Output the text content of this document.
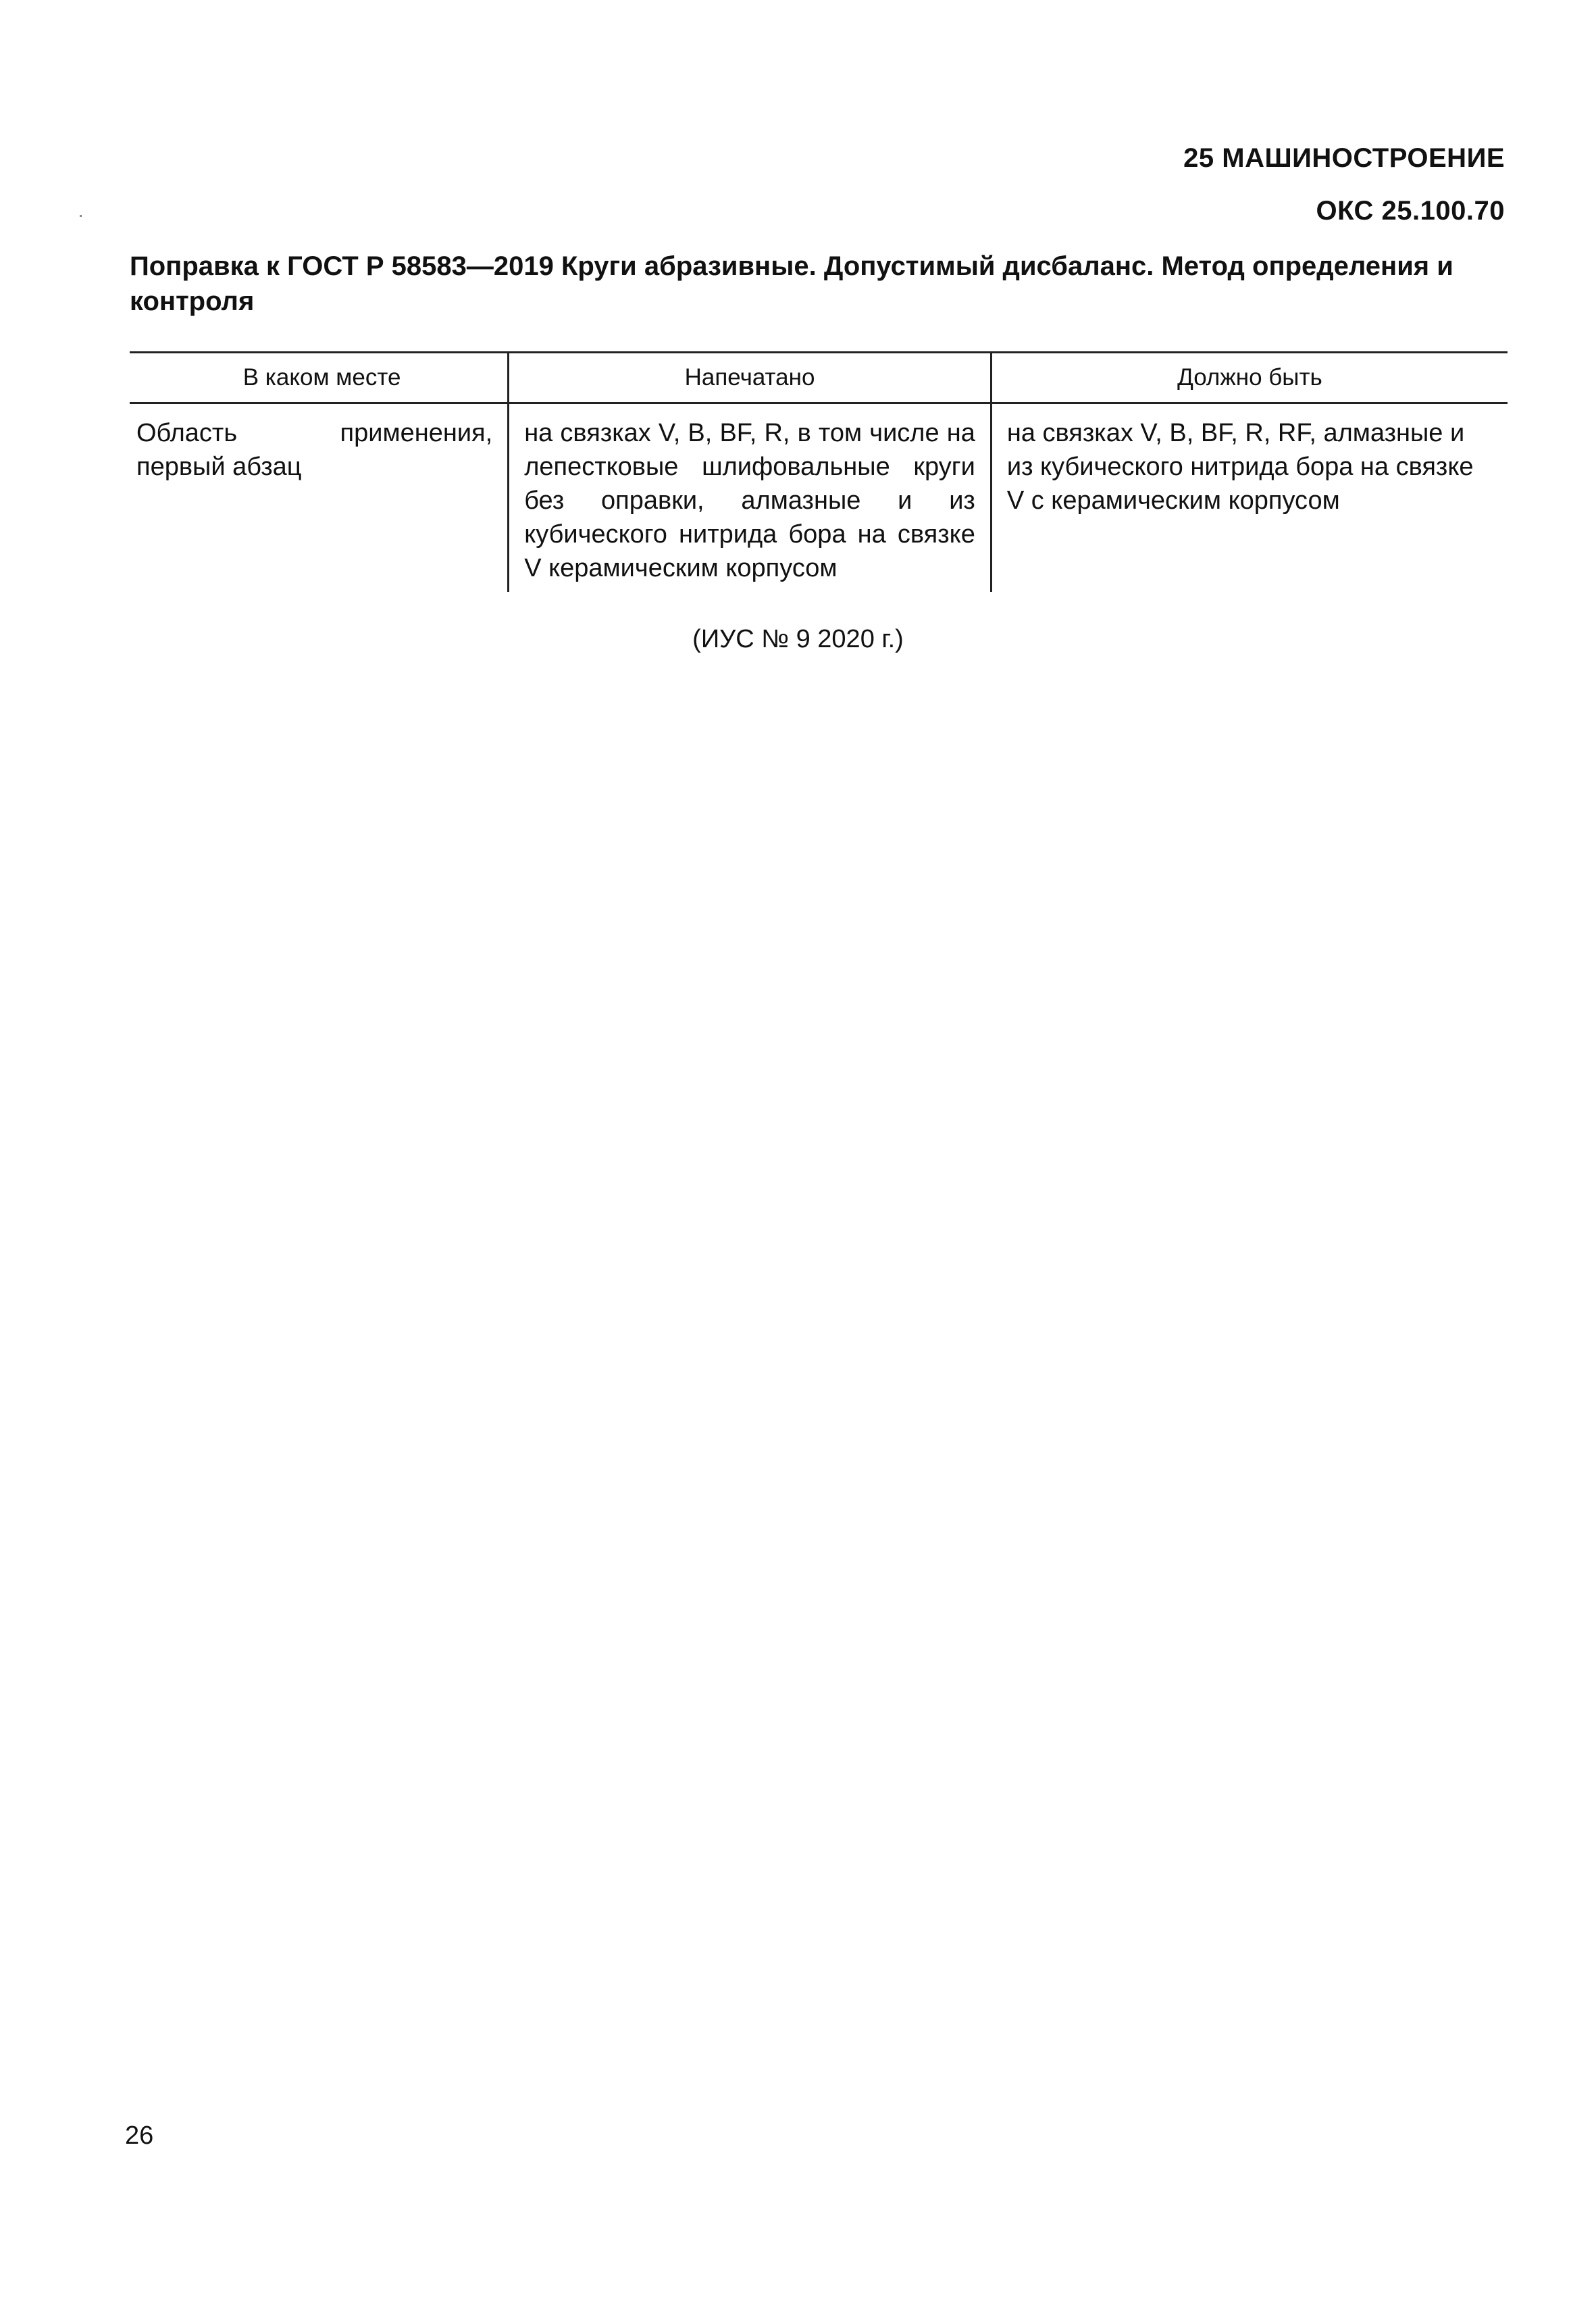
25 МАШИНОСТРОЕНИЕ
ОКС 25.100.70
Поправка к ГОСТ Р 58583—2019 Круги абразивные. Допустимый дисбаланс. Метод определения и контроля
В каком месте	Напечатано	Должно быть
Область применения, первый абзац	на связках V, B, BF, R, в том числе на лепестковые шлифовальные круги без оправки, алмазные и из кубического нитрида бора на связке V керамическим корпусом	на связках V, B, BF, R, RF, алмазные и из кубического нитрида бора на связке V с керамическим корпусом
(ИУС № 9 2020 г.)
26
